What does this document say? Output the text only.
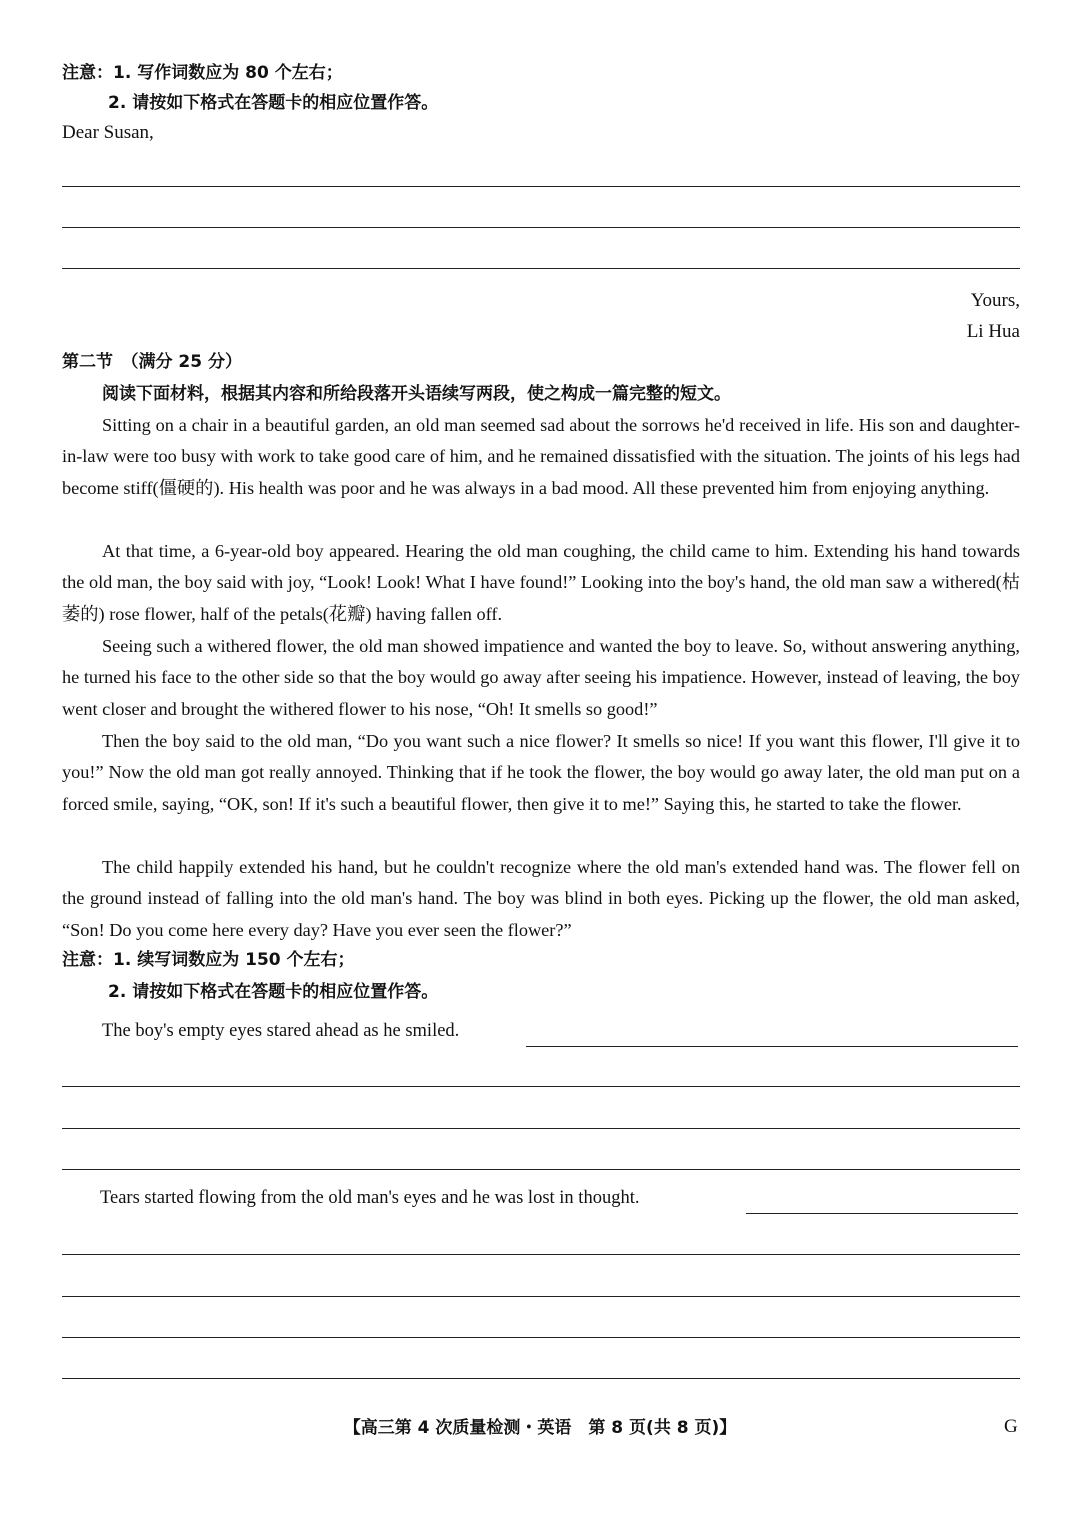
注意：1. 写作词数应为 80 个左右；
2. 请按如下格式在答题卡的相应位置作答。
Dear Susan,
Yours,
Li Hua
第二节　（满分 25 分）
阅读下面材料，根据其内容和所给段落开头语续写两段，使之构成一篇完整的短文。

Sitting on a chair in a beautiful garden, an old man seemed sad about the sorrows he'd received in life. His son and daughter-in-law were too busy with work to take good care of him, and he remained dissatisfied with the situation. The joints of his legs had become stiff(僵硬的). His health was poor and he was always in a bad mood. All these prevented him from enjoying anything.

At that time, a 6-year-old boy appeared. Hearing the old man coughing, the child came to him. Extending his hand towards the old man, the boy said with joy, “Look! Look! What I have found!” Looking into the boy's hand, the old man saw a withered(枯萎的) rose flower, half of the petals(花瓣) having fallen off.

Seeing such a withered flower, the old man showed impatience and wanted the boy to leave. So, without answering anything, he turned his face to the other side so that the boy would go away after seeing his impatience. However, instead of leaving, the boy went closer and brought the withered flower to his nose, “Oh! It smells so good!”

Then the boy said to the old man, “Do you want such a nice flower? It smells so nice! If you want this flower, I'll give it to you!” Now the old man got really annoyed. Thinking that if he took the flower, the boy would go away later, the old man put on a forced smile, saying, “OK, son! If it's such a beautiful flower, then give it to me!” Saying this, he started to take the flower.

The child happily extended his hand, but he couldn't recognize where the old man's extended hand was. The flower fell on the ground instead of falling into the old man's hand. The boy was blind in both eyes. Picking up the flower, the old man asked, “Son! Do you come here every day? Have you ever seen the flower?”

注意：1. 续写词数应为 150 个左右；
2. 请按如下格式在答题卡的相应位置作答。
The boy's empty eyes stared ahead as he smiled.
Tears started flowing from the old man's eyes and he was lost in thought.
【高三第 4 次质量检测・英语　第 8 页(共 8 页)】	G
